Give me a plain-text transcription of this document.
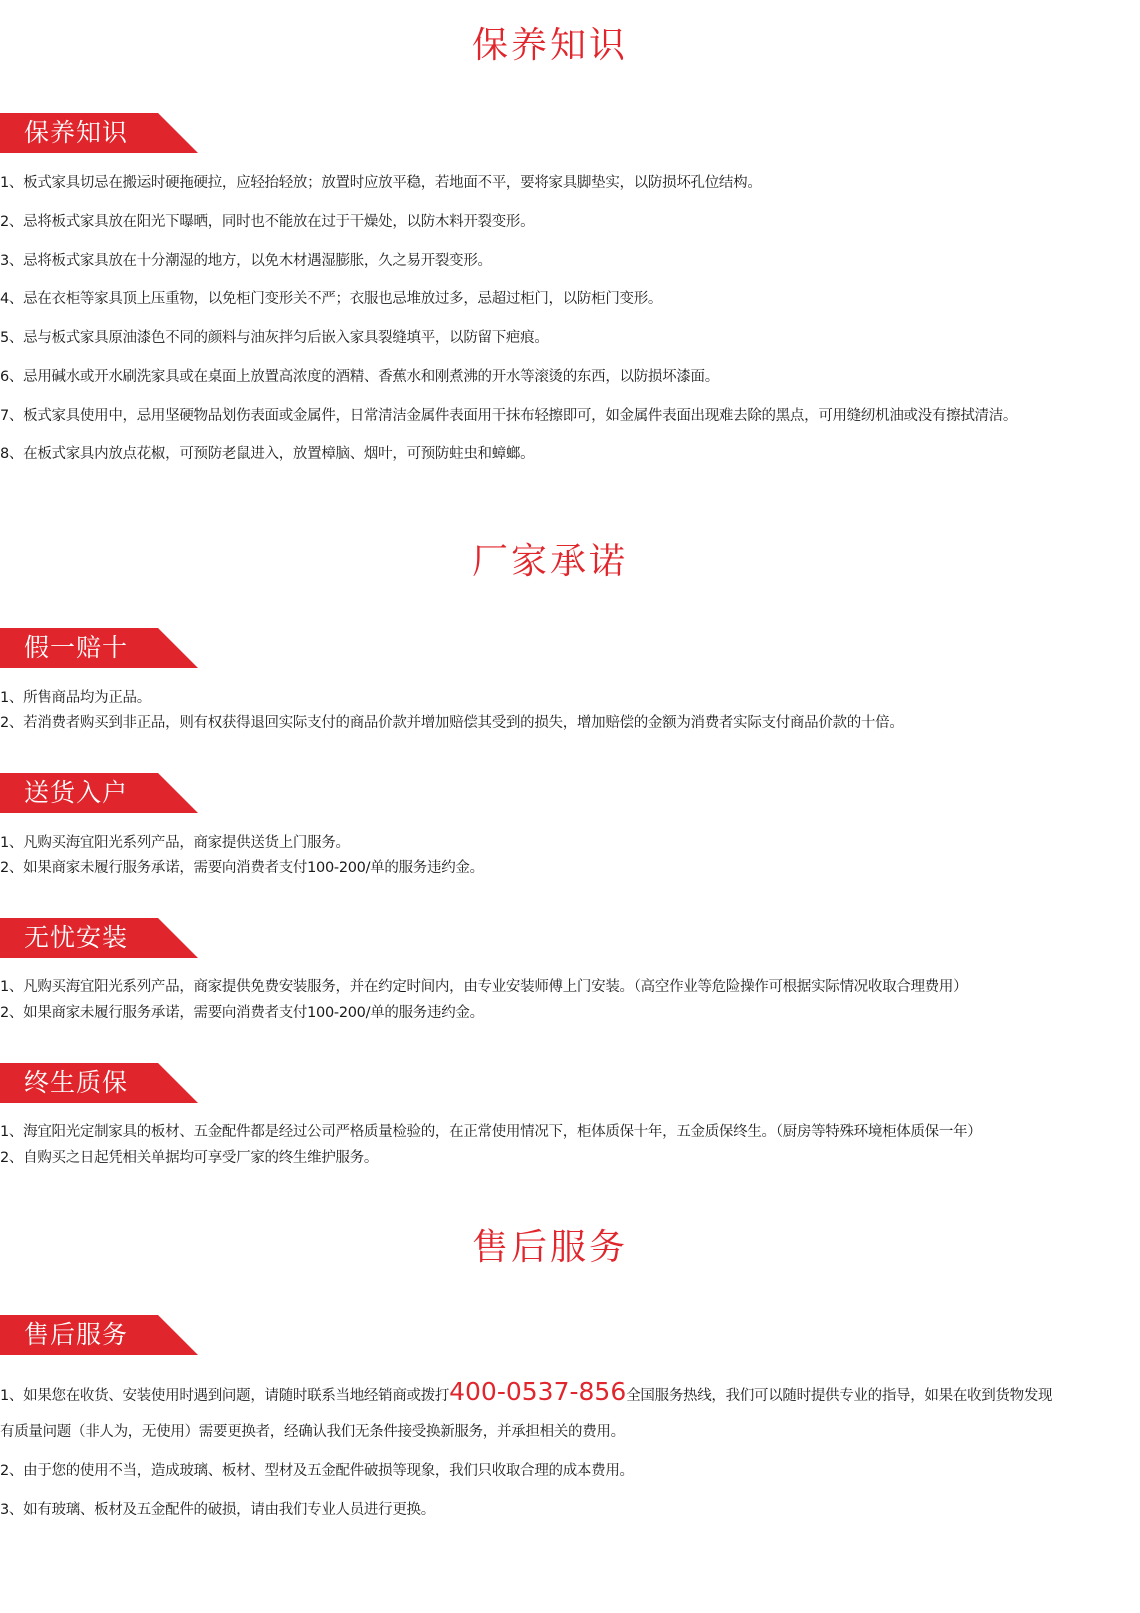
保养知识
保养知识

1、板式家具切忌在搬运时硬拖硬拉，应轻抬轻放；放置时应放平稳，若地面不平，要将家具脚垫实，以防损坏孔位结构。

2、忌将板式家具放在阳光下曝晒，同时也不能放在过于干燥处，以防木料开裂变形。

3、忌将板式家具放在十分潮湿的地方，以免木材遇湿膨胀，久之易开裂变形。

4、忌在衣柜等家具顶上压重物，以免柜门变形关不严；衣服也忌堆放过多，忌超过柜门，以防柜门变形。

5、忌与板式家具原油漆色不同的颜料与油灰拌匀后嵌入家具裂缝填平，以防留下疤痕。

6、忌用碱水或开水刷洗家具或在桌面上放置高浓度的酒精、香蕉水和刚煮沸的开水等滚烫的东西，以防损坏漆面。

7、板式家具使用中，忌用坚硬物品划伤表面或金属件，日常清洁金属件表面用干抹布轻擦即可，如金属件表面出现难去除的黑点，可用缝纫机油或没有擦拭清洁。

8、在板式家具内放点花椒，可预防老鼠进入，放置樟脑、烟叶，可预防蛀虫和蟑螂。

厂家承诺
假一赔十

1、所售商品均为正品。

2、若消费者购买到非正品，则有权获得退回实际支付的商品价款并增加赔偿其受到的损失，增加赔偿的金额为消费者实际支付商品价款的十倍。

送货入户

1、凡购买海宜阳光系列产品，商家提供送货上门服务。

2、如果商家未履行服务承诺，需要向消费者支付100-200/单的服务违约金。

无忧安装

1、凡购买海宜阳光系列产品，商家提供免费安装服务，并在约定时间内，由专业安装师傅上门安装。（高空作业等危险操作可根据实际情况收取合理费用）

2、如果商家未履行服务承诺，需要向消费者支付100-200/单的服务违约金。

终生质保

1、海宜阳光定制家具的板材、五金配件都是经过公司严格质量检验的，在正常使用情况下，柜体质保十年，五金质保终生。（厨房等特殊环境柜体质保一年）

2、自购买之日起凭相关单据均可享受厂家的终生维护服务。

售后服务
售后服务

1、如果您在收货、安装使用时遇到问题，请随时联系当地经销商或拨打400-0537-856全国服务热线，我们可以随时提供专业的指导，如果在收到货物发现

有质量问题（非人为，无使用）需要更换者，经确认我们无条件接受换新服务，并承担相关的费用。

2、由于您的使用不当，造成玻璃、板材、型材及五金配件破损等现象，我们只收取合理的成本费用。

3、如有玻璃、板材及五金配件的破损，请由我们专业人员进行更换。
